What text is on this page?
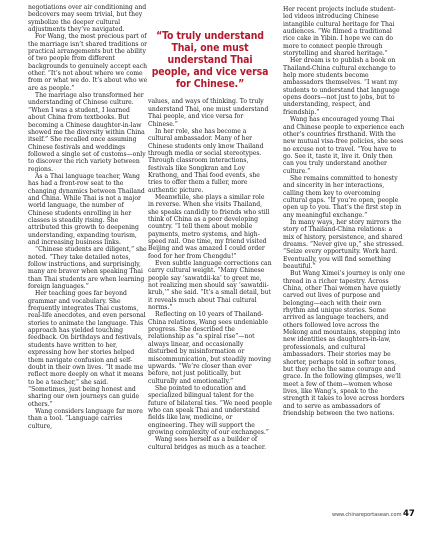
negotiations over air conditioning and bedcovers may seem trivial, but they symbolize the deeper cultural adjustments they’ve navigated.

For Wang, the most precious part of the marriage isn’t shared traditions or practical arrangements but the ability of two people from different backgrounds to genuinely accept each other. “It’s not about where we come from or what we do. It’s about who we are as people.”

The marriage also transformed her understanding of Chinese culture. “When I was a student, I learned about China from textbooks. But becoming a Chinese daughter-in-law showed me the diversity within China itself.” She recalled once assuming Chinese festivals and weddings followed a single set of customs—only to discover the rich variety between regions.

As a Thai language teacher, Wang has had a front-row seat to the changing dynamics between Thailand and China. While Thai is not a major world language, the number of Chinese students enrolling in her classes is steadily rising. She attributed this growth to deepening understanding, expanding tourism, and increasing business links.

“Chinese students are diligent,” she noted. “They take detailed notes, follow instructions, and surprisingly, many are braver when speaking Thai than Thai students are when learning foreign languages.”

Her teaching goes far beyond grammar and vocabulary. She frequently integrates Thai customs, real-life anecdotes, and even personal stories to animate the language. This approach has yielded touching feedback. On birthdays and festivals, students have written to her, expressing how her stories helped them navigate confusion and self-doubt in their own lives. “It made me reflect more deeply on what it means to be a teacher,” she said. “Sometimes, just being honest and sharing our own journeys can guide others.”

Wang considers language far more than a tool. “Language carries culture,

“To truly understand Thai, one must understand Thai people, and vice versa for Chinese.”

values, and ways of thinking. To truly understand Thai, one must understand Thai people, and vice versa for Chinese.”

In her role, she has become a cultural ambassador. Many of her Chinese students only know Thailand through media or social stereotypes. Through classroom interactions, festivals like Songkran and Loy Krathong, and Thai food events, she tries to offer them a fuller, more authentic picture.

Meanwhile, she plays a similar role in reverse. When she visits Thailand, she speaks candidly to friends who still think of China as a poor developing country. “I tell them about mobile payments, metro systems, and high-speed rail. One time, my friend visited Beijing and was amazed I could order food for her from Chengdu!”

Even subtle language corrections can carry cultural weight. “Many Chinese people say ‘sawatdii-ka’ to greet me, not realizing men should say ‘sawatdii-krub,’” she said. “It’s a small detail, but it reveals much about Thai cultural norms.”

Reflecting on 10 years of Thailand-China relations, Wang sees undeniable progress. She described the relationship as “a spiral rise”—not always linear, and occasionally disturbed by misinformation or miscommunication, but steadily moving upwards. “We’re closer than ever before, not just politically, but culturally and emotionally.”

She pointed to education and specialized bilingual talent for the future of bilateral ties. “We need people who can speak Thai and understand fields like law, medicine, or engineering. They will support the growing complexity of our exchanges.”

Wang sees herself as a builder of cultural bridges as much as a teacher.

Her recent projects include student-led videos introducing Chinese intangible cultural heritage for Thai audiences. “We filmed a traditional rice cake in Yibin. I hope we can do more to connect people through storytelling and shared heritage.”

Her dream is to publish a book on Thailand-China cultural exchange to help more students become ambassadors themselves. “I want my students to understand that language opens doors—not just to jobs, but to understanding, respect, and friendship.”

Wang has encouraged young Thai and Chinese people to experience each other’s countries firsthand. With the new mutual visa-free policies, she sees no excuse not to travel. “You have to go. See it, taste it, live it. Only then can you truly understand another culture.”

She remains committed to honesty and sincerity in her interactions, calling them key to overcoming cultural gaps. “If you’re open, people open up to you. That’s the first step in any meaningful exchange.”

In many ways, her story mirrors the story of Thailand-China relations: a mix of history, persistence, and shared dreams. “Never give up,” she stressed. “Seize every opportunity. Work hard. Eventually, you will find something beautiful.”

But Wang Ximei’s journey is only one thread in a richer tapestry. Across China, other Thai women have quietly carved out lives of purpose and belonging—each with their own rhythm and unique stories. Some arrived as language teachers, and others followed love across the Mekong and mountains, stepping into new identities as daughters-in-law, professionals, and cultural ambassadors. Their stories may be shorter, perhaps told in softer tones, but they echo the same courage and grace. In the following glimpses, we’ll meet a few of them—women whose lives, like Wang’s, speak to the strength it takes to love across borders and to serve as ambassadors of friendship between the two nations.

www.chinareportasean.com 47
